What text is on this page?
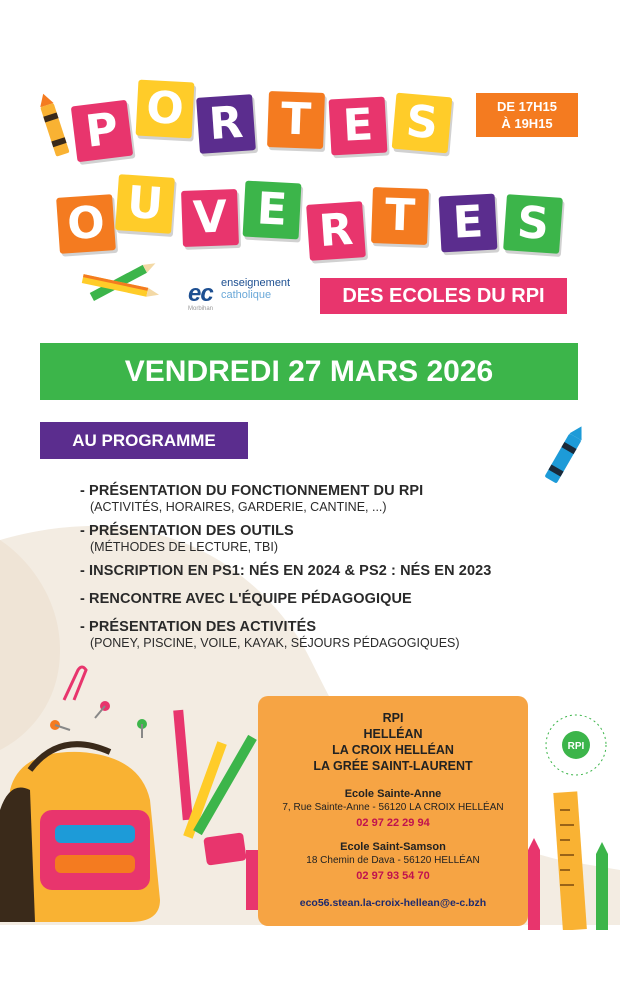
P O R T E S
O U V E R T E S
DE 17H15
À 19H15
ec enseignement
catholique
Morbihan
DES ECOLES DU RPI
VENDREDI 27 MARS 2026
AU PROGRAMME
- PRÉSENTATION DU FONCTIONNEMENT DU RPI
(ACTIVITÉS, HORAIRES, GARDERIE, CANTINE, ...)
- PRÉSENTATION DES OUTILS
(MÉTHODES DE LECTURE, TBI)
- INSCRIPTION EN PS1: NÉS EN 2024 & PS2 : NÉS EN 2023
- RENCONTRE AVEC L'ÉQUIPE PÉDAGOGIQUE
- PRÉSENTATION DES ACTIVITÉS
(PONEY, PISCINE, VOILE, KAYAK, SÉJOURS PÉDAGOGIQUES)
RPI
RPI
HELLÉAN
LA CROIX HELLÉAN
LA GRÉE SAINT-LAURENT
Ecole Sainte-Anne
7, Rue Sainte-Anne - 56120 LA CROIX HELLÉAN
02 97 22 29 94
Ecole Saint-Samson
18 Chemin de Dava - 56120 HELLÉAN
02 97 93 54 70
eco56.stean.la-croix-hellean@e-c.bzh
